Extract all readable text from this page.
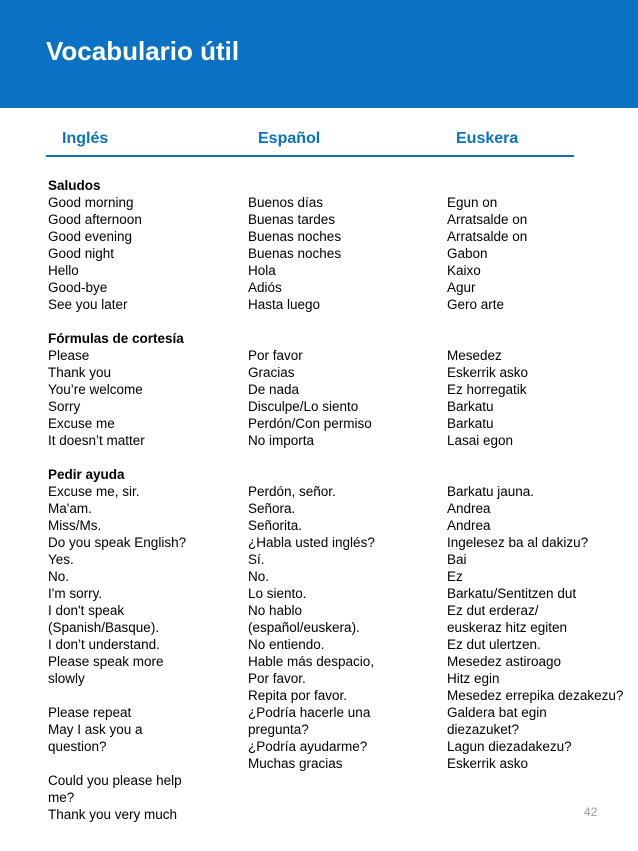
Vocabulario útil
Inglés	Español	Euskera
Saludos
Good morning
Good afternoon
Good evening
Good night
Hello
Good-bye
See you later
Fórmulas de cortesía
Please
Thank you
You’re welcome
Sorry
Excuse me
It doesn’t matter
Pedir ayuda
Excuse me, sir.
Ma'am.
Miss/Ms.
Do you speak English?
Yes.
No.
I'm sorry.
I don't speak
(Spanish/Basque).
I don’t understand.
Please speak more
slowly
Please repeat
May I ask you a
question?
Could you please help
me?
Thank you very much
Buenos días
Buenas tardes
Buenas noches
Buenas noches
Hola
Adiós
Hasta luego
Por favor
Gracias
De nada
Disculpe/Lo siento
Perdón/Con permiso
No importa
Perdón, señor.
Señora.
Señorita.
¿Habla usted inglés?
Sí.
No.
Lo siento.
No hablo
(español/euskera).
No entiendo.
Hable más despacio,
Por favor.
Repita por favor.
¿Podría hacerle una
pregunta?
¿Podría ayudarme?
Muchas gracias
Egun on
Arratsalde on
Arratsalde on
Gabon
Kaixo
Agur
Gero arte
Mesedez
Eskerrik asko
Ez horregatik
Barkatu
Barkatu
Lasai egon
Barkatu jauna.
Andrea
Andrea
Ingelesez ba al dakizu?
Bai
Ez
Barkatu/Sentitzen dut
Ez dut erderaz/
euskeraz hitz egiten
Ez dut ulertzen.
Mesedez astiroago
Hitz egin
Mesedez errepika dezakezu?
Galdera bat egin
diezazuket?
Lagun diezadakezu?
Eskerrik asko
42
